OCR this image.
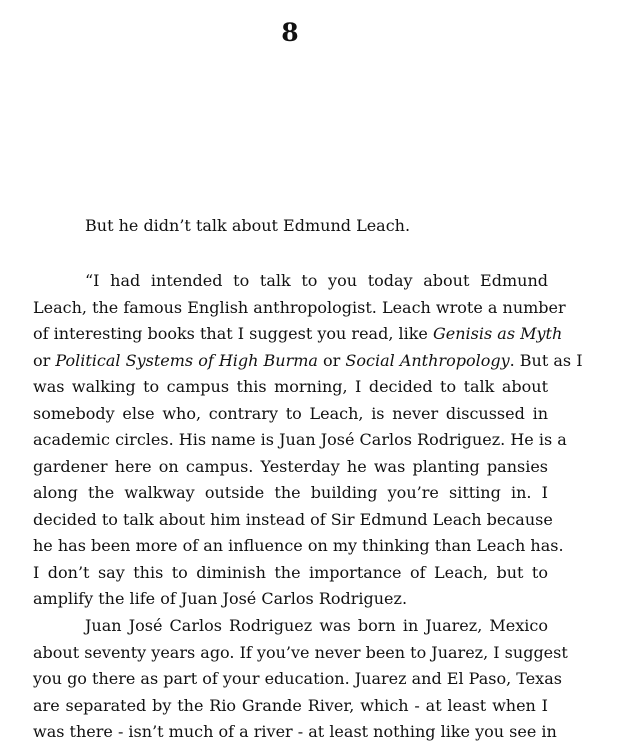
8
But he didn’t talk about Edmund Leach.
“I had intended to talk to you today about Edmund
Leach, the famous English anthropologist. Leach wrote a number
of interesting books that I suggest you read, like Genisis as Myth
or Political Systems of High Burma or Social Anthropology. But as I
was walking to campus this morning, I decided to talk about
somebody else who, contrary to Leach, is never discussed in
academic circles. His name is Juan José Carlos Rodriguez. He is a
gardener here on campus. Yesterday he was planting pansies
along the walkway outside the building you’re sitting in. I
decided to talk about him instead of Sir Edmund Leach because
he has been more of an influence on my thinking than Leach has.
I don’t say this to diminish the importance of Leach, but to
amplify the life of Juan José Carlos Rodriguez.
Juan José Carlos Rodriguez was born in Juarez, Mexico
about seventy years ago. If you’ve never been to Juarez, I suggest
you go there as part of your education. Juarez and El Paso, Texas
are separated by the Rio Grande River, which - at least when I
was there - isn’t much of a river - at least nothing like you see in
